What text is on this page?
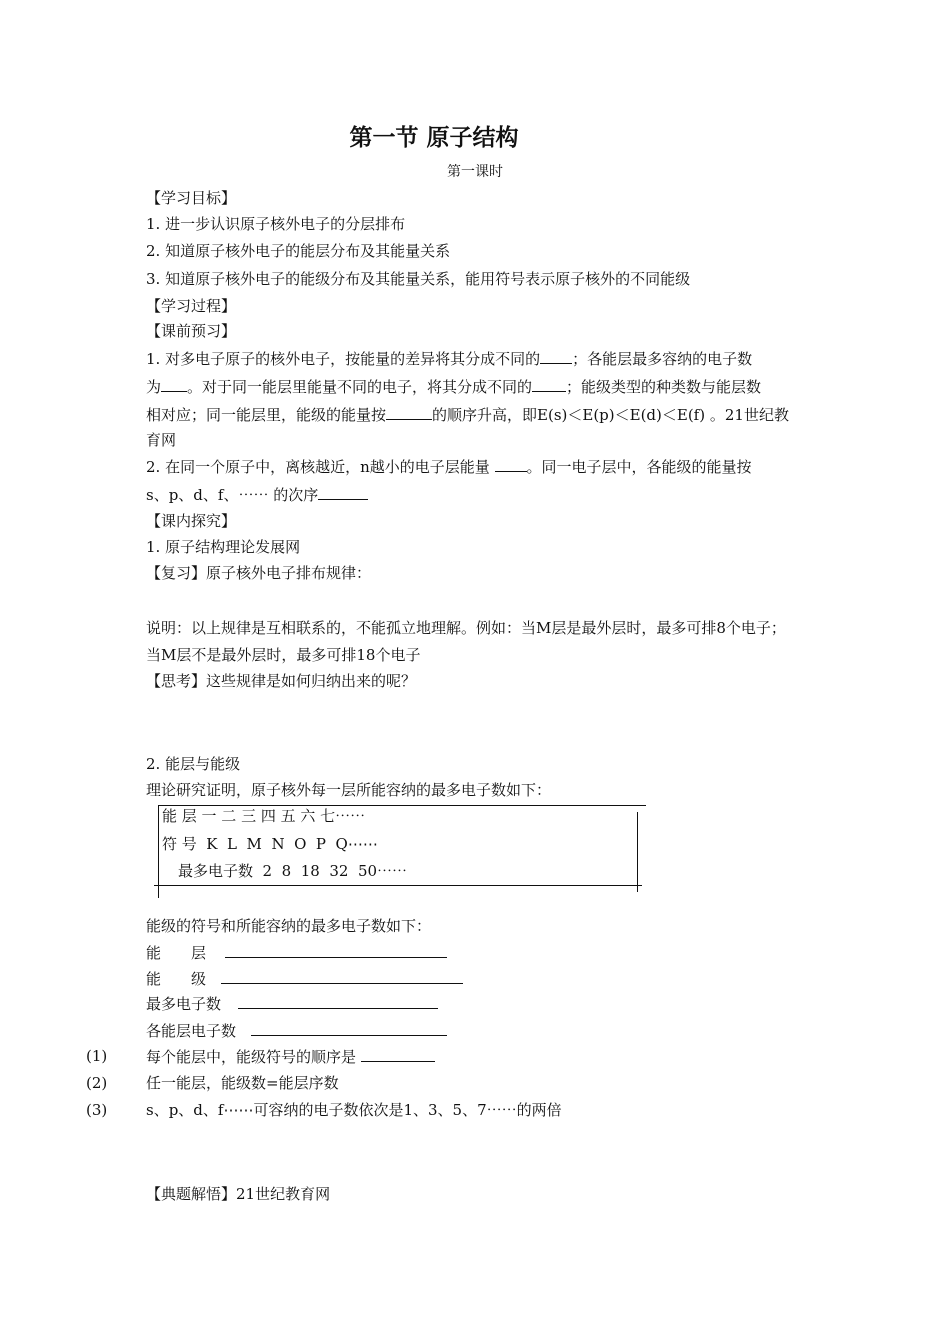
第一节 原子结构
第一课时
【学习目标】
1. 进一步认识原子核外电子的分层排布
2. 知道原子核外电子的能层分布及其能量关系
3. 知道原子核外电子的能级分布及其能量关系，能用符号表示原子核外的不同能级
【学习过程】
【课前预习】
1. 对多电子原子的核外电子，按能量的差异将其分成不同的 ；各能层最多容纳的电子数
为 。对于同一能层里能量不同的电子，将其分成不同的 ；能级类型的种类数与能层数
相对应；同一能层里，能级的能量按	的顺序升高，即E(s)＜E(p)＜E(d)＜E(f) 。21世纪教
育网
2. 在同一个原子中，离核越近，n越小的电子层能量 。同一电子层中，各能级的能量按
s、p、d、f、⋯⋯ 的次序
【课内探究】
1. 原子结构理论发展网
【复习】原子核外电子排布规律：
说明：以上规律是互相联系的，不能孤立地理解。例如：当M层是最外层时，最多可排8个电子；
当M层不是最外层时，最多可排18个电子
【思考】这些规律是如何归纳出来的呢？
2. 能层与能级
理论研究证明，原子核外每一层所能容纳的最多电子数如下：
能 层 一 二 三 四 五 六 七⋯⋯
符 号  K  L  M  N  O  P  Q⋯⋯
最多电子数  2  8  18  32  50⋯⋯
能级的符号和所能容纳的最多电子数如下：
能　　层
能　　级
最多电子数
各能层电子数
(1)	每个能层中，能级符号的顺序是
(2)	任一能层，能级数=能层序数
(3)	s、p、d、f⋯⋯可容纳的电子数依次是1、3、5、7⋯⋯的两倍
【典题解悟】21世纪教育网
